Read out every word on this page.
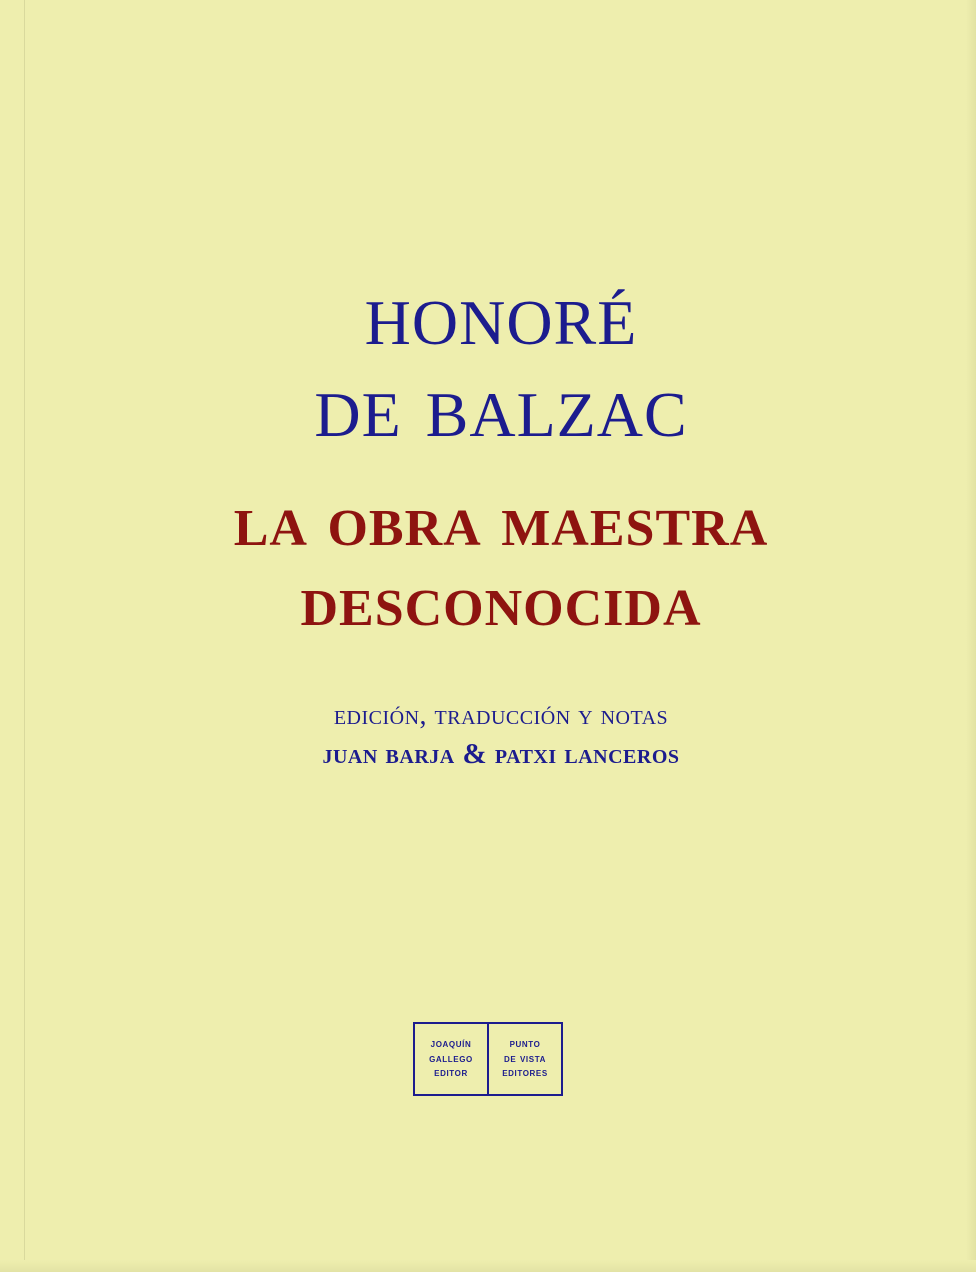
honoré
de balzac
la obra maestra
desconocida
edición, traducción y notas
juan barja & patxi lanceros
joaquín
gallego
editor
punto
de vista
editores
